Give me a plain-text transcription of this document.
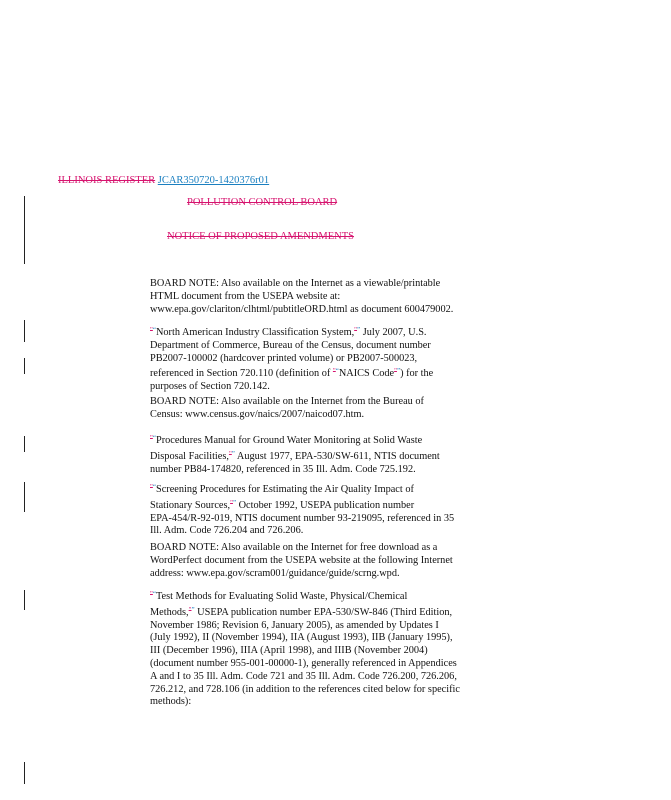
ILLINOIS REGISTER JCAR350720-1420376r01
POLLUTION CONTROL BOARD
NOTICE OF PROPOSED AMENDMENTS
BOARD NOTE: Also available on the Internet as a viewable/printable
HTML document from the USEPA website at:
www.epa.gov/clariton/clhtml/pubtitleORD.html as document 600479002.
"“North American Industry Classification System,"” July 2007, U.S.
Department of Commerce, Bureau of the Census, document number
PB2007-100002 (hardcover printed volume) or PB2007-500023,
referenced in Section 720.110 (definition of "“NAICS Code"”) for the
purposes of Section 720.142.
BOARD NOTE: Also available on the Internet from the Bureau of
Census: www.census.gov/naics/2007/naicod07.htm.
"“Procedures Manual for Ground Water Monitoring at Solid Waste
Disposal Facilities,"” August 1977, EPA-530/SW-611, NTIS document
number PB84-174820, referenced in 35 Ill. Adm. Code 725.192.
"“Screening Procedures for Estimating the Air Quality Impact of
Stationary Sources,"” October 1992, USEPA publication number
EPA-454/R-92-019, NTIS document number 93-219095, referenced in 35
Ill. Adm. Code 726.204 and 726.206.
BOARD NOTE: Also available on the Internet for free download as a
WordPerfect document from the USEPA website at the following Internet
address: www.epa.gov/scram001/guidance/guide/scrng.wpd.
"“Test Methods for Evaluating Solid Waste, Physical/Chemical
Methods,"” USEPA publication number EPA-530/SW-846 (Third Edition,
November 1986; Revision 6, January 2005), as amended by Updates I
(July 1992), II (November 1994), IIA (August 1993), IIB (January 1995),
III (December 1996), IIIA (April 1998), and IIIB (November 2004)
(document number 955-001-00000-1), generally referenced in Appendices
A and I to 35 Ill. Adm. Code 721 and 35 Ill. Adm. Code 726.200, 726.206,
726.212, and 728.106 (in addition to the references cited below for specific
methods):
